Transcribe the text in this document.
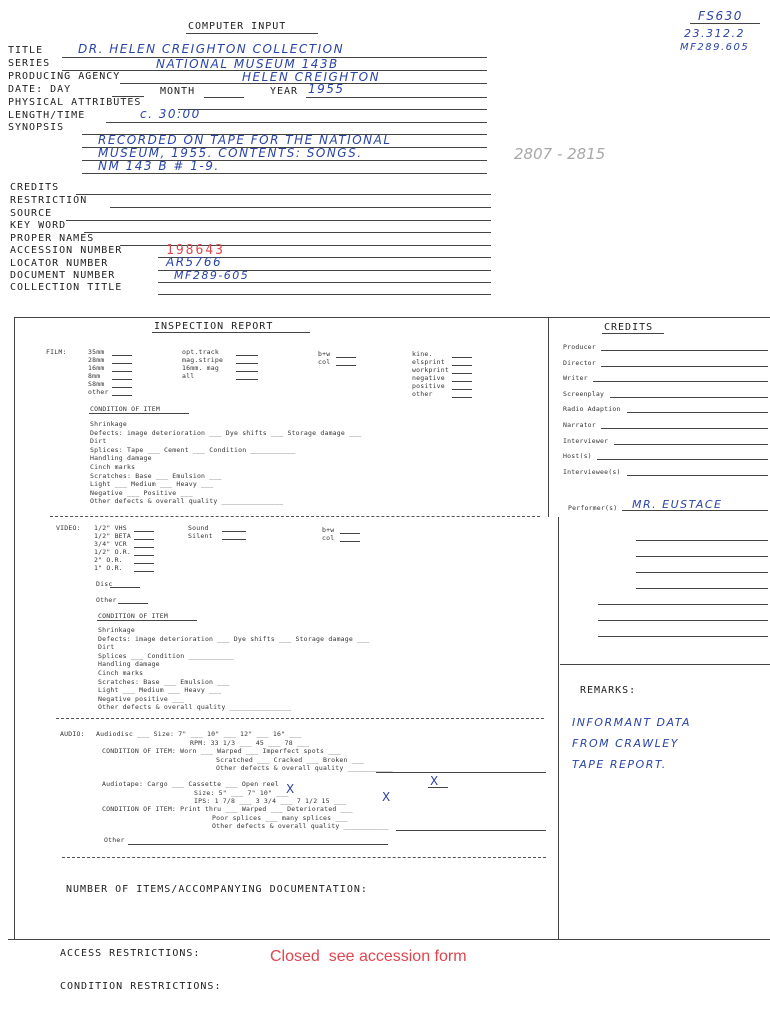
COMPUTER INPUT
TITLE	DR. HELEN CREIGHTON COLLECTION
SERIES	NATIONAL MUSEUM 143B
PRODUCING AGENCY	HELEN CREIGHTON
DATE: DAY	MONTH	YEAR 1955
PHYSICAL ATTRIBUTES
LENGTH/TIME	c. 30:00
SYNOPSIS
RECORDED ON TAPE FOR THE NATIONAL
MUSEUM, 1955. CONTENTS: SONGS.
NM 143 B # 1-9.
CREDITS
RESTRICTION
SOURCE
KEY WORD
PROPER NAMES
ACCESSION NUMBER	198643
LOCATOR NUMBER	AR5766
DOCUMENT NUMBER	MF289-605
COLLECTION TITLE
FS630
23.312.2
MF289.605
2807 - 2815
INSPECTION REPORT
FILM:	35mm
28mm
16mm
8mm
S8mm
other
opt.track
mag.stripe
16mm. mag
all
b+w
col
kine.
elsprint
workprint
negative
positive
other
CONDITION OF ITEM
Shrinkage
Defects: image deterioration ___ Dye shifts ___ Storage damage ___
Dirt
Splices: Tape ___ Cement ___ Condition ___________
Handling damage
Cinch marks
Scratches: Base ___ Emulsion ___
Light ___ Medium ___ Heavy ___
Negative ___ Positive ___
Other defects & overall quality _______________
VIDEO: 1/2" VHS
1/2" BETA
3/4" VCR
1/2" O.R.
2" O.R.
1" O.R.
Sound
Silent
b+w
col
Disc
Other
CONDITION OF ITEM
Shrinkage
Defects: image deterioration ___ Dye shifts ___ Storage damage ___
Dirt
Splices ___ Condition ___________
Handling damage
Cinch marks
Scratches: Base ___ Emulsion ___
Light ___ Medium ___ Heavy ___
Negative positive ___
Other defects & overall quality _______________
AUDIO: Audiodisc ___ Size: 7" ___ 10" ___ 12" ___ 16" ___
RPM: 33 1/3 ___ 45 ___ 78 ___
CONDITION OF ITEM: Worn ___ Warped ___ Imperfect spots ___
Scratched ___ Cracked ___ Broken ___
Other defects & overall quality ___________
Audiotape: Cargo ___ Cassette ___ Open reel	X
Size: 5" ___ 7" 10" ___
X
IPS: 1 7/8 ___ 3 3/4 ___ 7 1/2 15 ___	X
CONDITION OF ITEM: Print thru ___ Warped ___ Deteriorated ___
Poor splices ___ many splices ___
Other defects & overall quality ___________
Other
NUMBER OF ITEMS/ACCOMPANYING DOCUMENTATION:
CREDITS
Producer
Director
Writer
Screenplay
Radio Adaption
Narrator
Interviewer
Host(s)
Interviewee(s)
Performer(s) MR. EUSTACE
REMARKS:
INFORMANT DATA
FROM CRAWLEY
TAPE REPORT.
ACCESS RESTRICTIONS:	Closed  see accession form
CONDITION RESTRICTIONS:
